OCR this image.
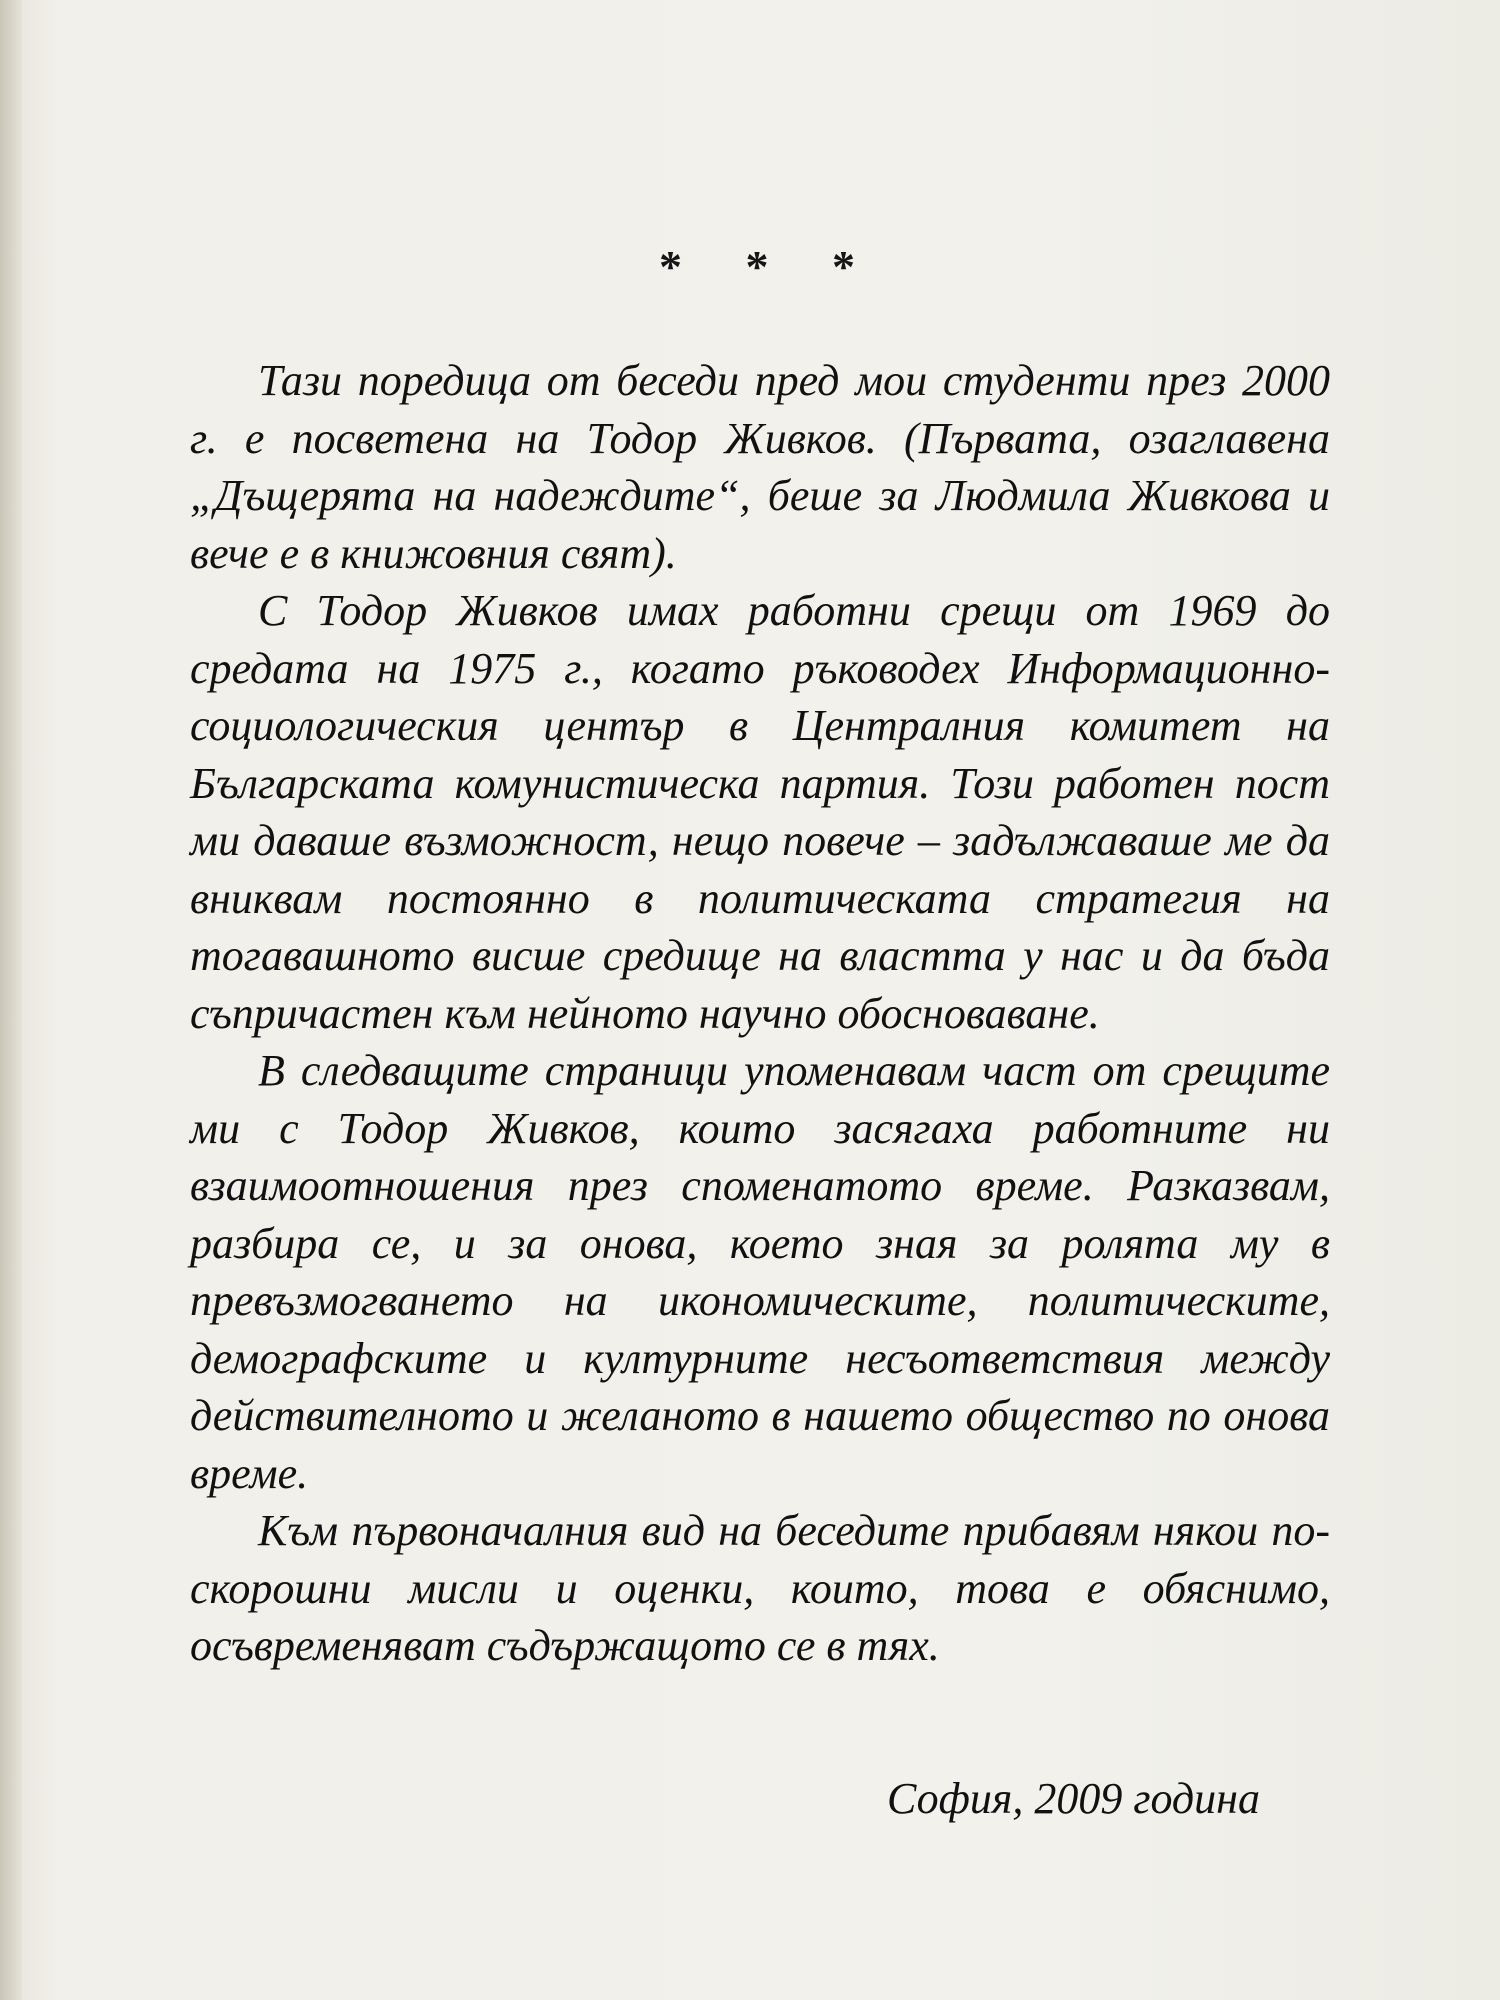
* * *

Тази поредица от беседи пред мои студенти през 2000 г. е посветена на Тодор Живков. (Първата, озаглавена „Дъщерята на надеждите“, беше за Людмила Живкова и вече е в книжовния свят).

С Тодор Живков имах работни срещи от 1969 до средата на 1975 г., когато ръководех Информационно-социологическия център в Централния комитет на Българската комунистическа партия. Този работен пост ми даваше възможност, нещо повече – задължаваше ме да вниквам постоянно в политическата стратегия на тогавашното висше средище на властта у нас и да бъда съпричастен към нейното научно обосноваване.

В следващите страници упоменавам част от срещите ми с Тодор Живков, които засягаха работните ни взаимоотношения през споменатото време. Разказвам, разбира се, и за онова, което зная за ролята му в превъзмогването на икономическите, политическите, демографските и културните несъответствия между действителното и желаното в нашето общество по онова време.

Към първоначалния вид на беседите прибавям някои по-скорошни мисли и оценки, които, това е обяснимо, осъвременяват съдържащото се в тях.

София, 2009 година
